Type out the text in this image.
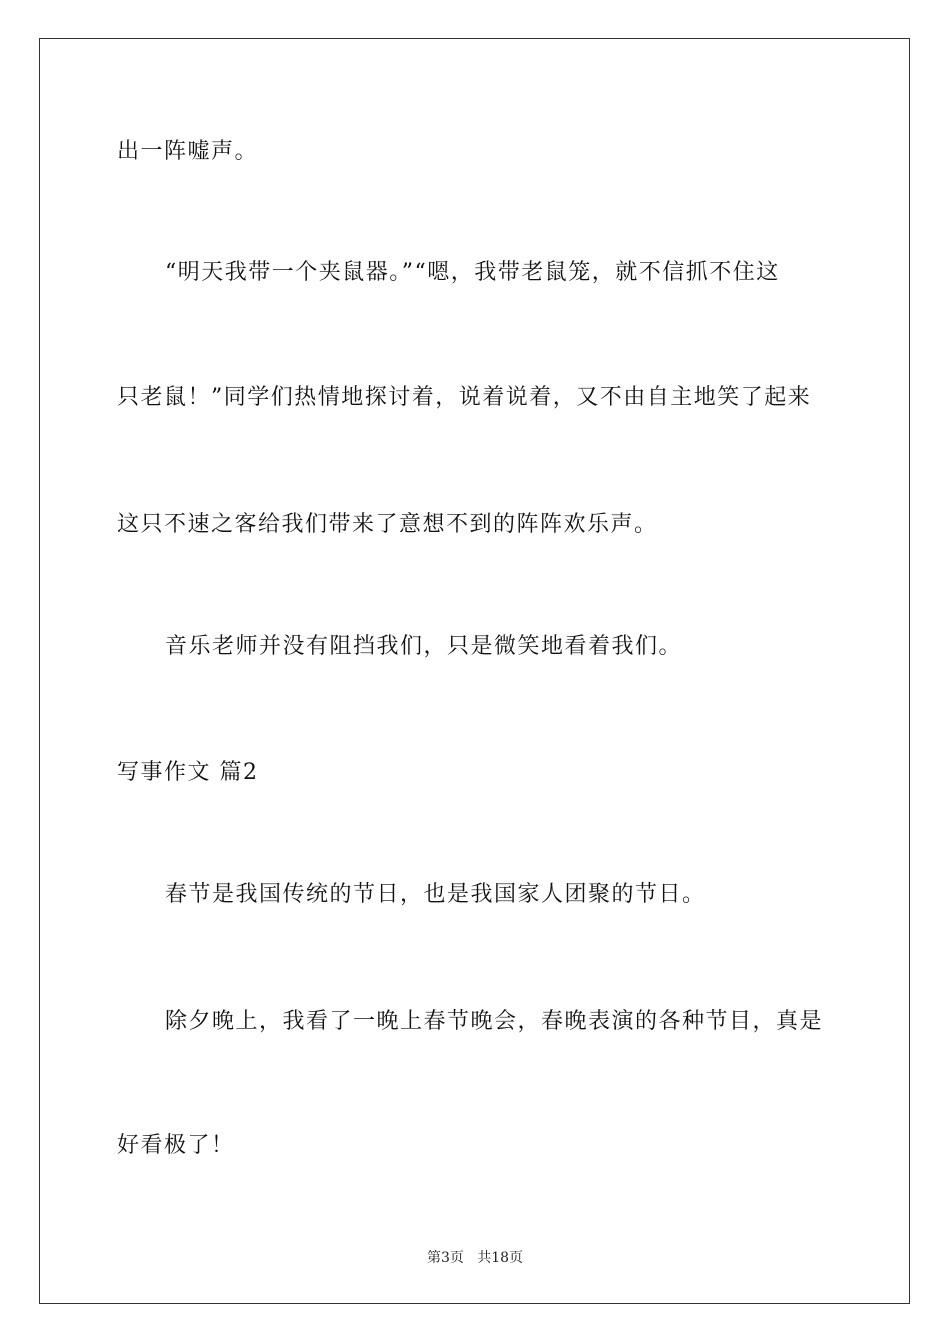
出一阵嘘声。
“明天我带一个夹鼠器。”“嗯，我带老鼠笼，就不信抓不住这
只老鼠！”同学们热情地探讨着，说着说着，又不由自主地笑了起来
这只不速之客给我们带来了意想不到的阵阵欢乐声。
音乐老师并没有阻挡我们，只是微笑地看着我们。
写事作文 篇2
春节是我国传统的节日，也是我国家人团聚的节日。
除夕晚上，我看了一晚上春节晚会，春晚表演的各种节目，真是
好看极了！
第3页   共18页
